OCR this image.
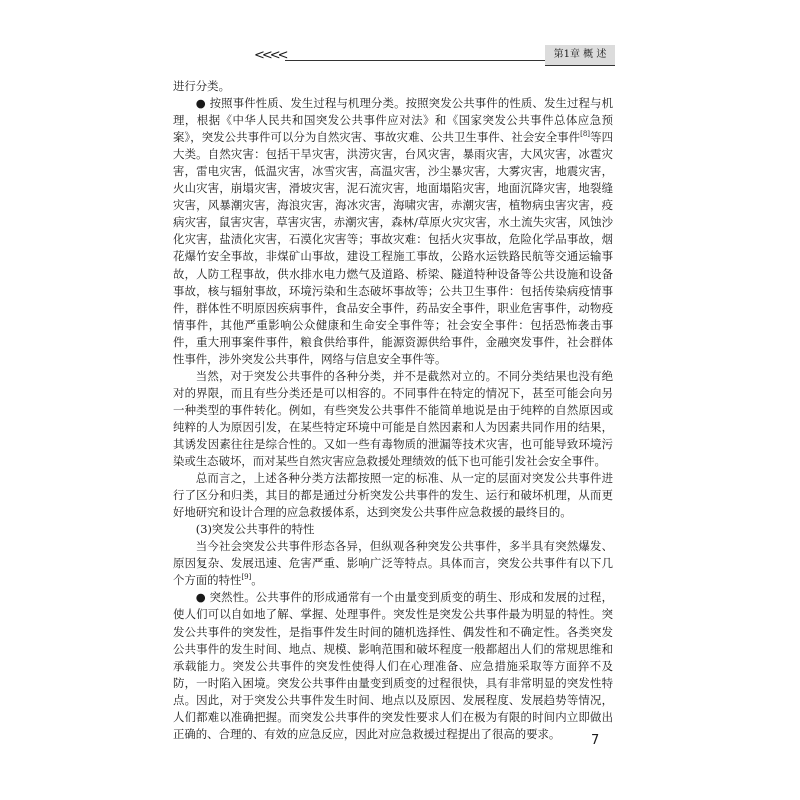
<<<<	第1章 概 述

进行分类。

● 按照事件性质、发生过程与机理分类。按照突发公共事件的性质、发生过程与机理，根据《中华人民共和国突发公共事件应对法》和《国家突发公共事件总体应急预案》，突发公共事件可以分为自然灾害、事故灾难、公共卫生事件、社会安全事件[8]等四大类。自然灾害：包括干旱灾害，洪涝灾害，台风灾害，暴雨灾害，大风灾害，冰雹灾害，雷电灾害，低温灾害，冰雪灾害，高温灾害，沙尘暴灾害，大雾灾害，地震灾害，火山灾害，崩塌灾害，滑坡灾害，泥石流灾害，地面塌陷灾害，地面沉降灾害，地裂缝灾害，风暴潮灾害，海浪灾害，海冰灾害，海啸灾害，赤潮灾害，植物病虫害灾害，疫病灾害，鼠害灾害，草害灾害，赤潮灾害，森林/草原火灾灾害，水土流失灾害，风蚀沙化灾害，盐渍化灾害，石漠化灾害等；事故灾难：包括火灾事故，危险化学品事故，烟花爆竹安全事故，非煤矿山事故，建设工程施工事故，公路水运铁路民航等交通运输事故，人防工程事故，供水排水电力燃气及道路、桥梁、隧道特种设备等公共设施和设备事故，核与辐射事故，环境污染和生态破坏事故等；公共卫生事件：包括传染病疫情事件，群体性不明原因疾病事件，食品安全事件，药品安全事件，职业危害事件，动物疫情事件，其他严重影响公众健康和生命安全事件等；社会安全事件：包括恐怖袭击事件，重大刑事案件事件，粮食供给事件，能源资源供给事件，金融突发事件，社会群体性事件，涉外突发公共事件，网络与信息安全事件等。

当然，对于突发公共事件的各种分类，并不是截然对立的。不同分类结果也没有绝对的界限，而且有些分类还是可以相容的。不同事件在特定的情况下，甚至可能会向另一种类型的事件转化。例如，有些突发公共事件不能简单地说是由于纯粹的自然原因或纯粹的人为原因引发，在某些特定环境中可能是自然因素和人为因素共同作用的结果，其诱发因素往往是综合性的。又如一些有毒物质的泄漏等技术灾害，也可能导致环境污染或生态破坏，而对某些自然灾害应急救援处理绩效的低下也可能引发社会安全事件。

总而言之，上述各种分类方法都按照一定的标准、从一定的层面对突发公共事件进行了区分和归类，其目的都是通过分析突发公共事件的发生、运行和破坏机理，从而更好地研究和设计合理的应急救援体系，达到突发公共事件应急救援的最终目的。

(3)突发公共事件的特性

当今社会突发公共事件形态各异，但纵观各种突发公共事件，多半具有突然爆发、原因复杂、发展迅速、危害严重、影响广泛等特点。具体而言，突发公共事件有以下几个方面的特性[9]。

● 突然性。公共事件的形成通常有一个由量变到质变的萌生、形成和发展的过程，使人们可以自如地了解、掌握、处理事件。突发性是突发公共事件最为明显的特性。突发公共事件的突发性，是指事件发生时间的随机选择性、偶发性和不确定性。各类突发公共事件的发生时间、地点、规模、影响范围和破坏程度一般都超出人们的常规思维和承载能力。突发公共事件的突发性使得人们在心理准备、应急措施采取等方面猝不及防，一时陷入困境。突发公共事件由量变到质变的过程很快，具有非常明显的突发性特点。因此，对于突发公共事件发生时间、地点以及原因、发展程度、发展趋势等情况，人们都难以准确把握。而突发公共事件的突发性要求人们在极为有限的时间内立即做出正确的、合理的、有效的应急反应，因此对应急救援过程提出了很高的要求。	7
